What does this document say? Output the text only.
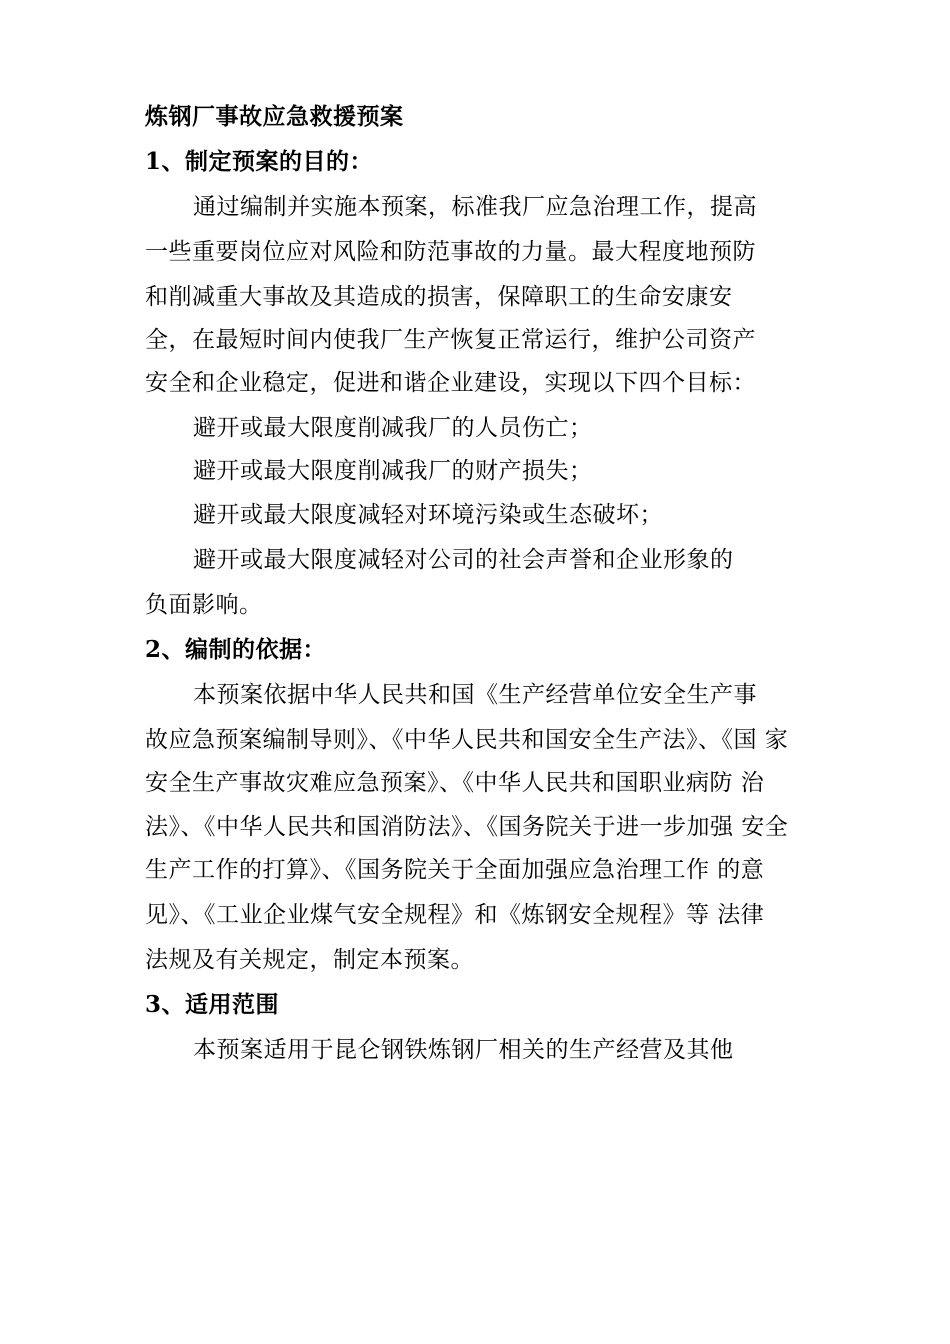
炼钢厂事故应急救援预案
1、制定预案的目的：
通过编制并实施本预案，标准我厂应急治理工作，提高
一些重要岗位应对风险和防范事故的力量。最大程度地预防
和削减重大事故及其造成的损害，保障职工的生命安康安
全，在最短时间内使我厂生产恢复正常运行，维护公司资产
安全和企业稳定，促进和谐企业建设，实现以下四个目标：
避开或最大限度削减我厂的人员伤亡；
避开或最大限度削减我厂的财产损失；
避开或最大限度减轻对环境污染或生态破坏；
避开或最大限度减轻对公司的社会声誉和企业形象的
负面影响。
2、编制的依据：
本预案依据中华人民共和国《生产经营单位安全生产事
故应急预案编制导则》、《中华人民共和国安全生产法》、《国 家
安全生产事故灾难应急预案》、《中华人民共和国职业病防 治
法》、《中华人民共和国消防法》、《国务院关于进一步加强 安全
生产工作的打算》、《国务院关于全面加强应急治理工作 的意
见》、《工业企业煤气安全规程》和《炼钢安全规程》等 法律
法规及有关规定，制定本预案。
3、适用范围
本预案适用于昆仑钢铁炼钢厂相关的生产经营及其他
